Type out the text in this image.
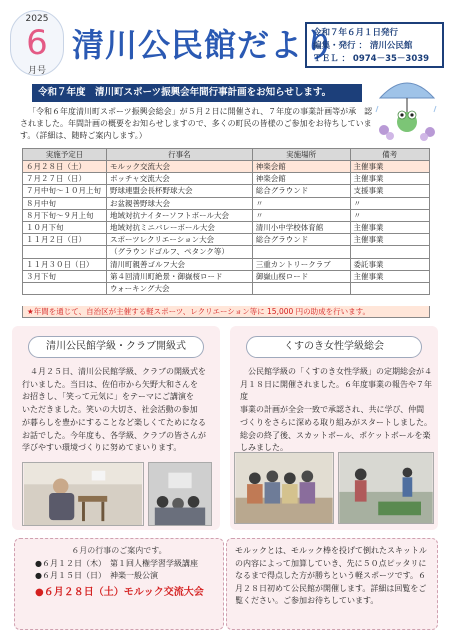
2025
6
月号
清川公民館だより
令和７年６月１日発行
編集・発行 ： 清川公民館
ＴＥＬ ： 0974－35－3039
令和７年度　清川町スポーツ振興会年間行事計画をお知らせします。

「令和６年度清川町スポーツ振興会総会」が５月２日に開催され、７年度の事業計画等が承　認

されました。年間計画の概要をお知らせしますので、多くの町民の皆様のご参加をお待ちしていま
す。（詳細は、随時ご案内します。）
実施予定日	行事名	実施場所	備考
６月２８日（土）	モルック交流大会	神楽会館	主催事業
７月２７日（日）	ボッチャ交流大会	神楽会館	主催事業
７月中旬～１０月上旬	野球連盟会長杯野球大会	総合グラウンド	支援事業
８月中旬	お盆親善野球大会	〃	〃
８月下旬～９月上旬	地域対抗ナイターソフトボール大会	〃	〃
１０月下旬	地域対抗ミニバレーボール大会	清川小中学校体育館	主催事業
１１月２日（日）	スポーツレクリエーション大会	総合グラウンド	主催事業
	（グラウンドゴルフ、ペタンク等）		
１１月３０日（日）	清川町親善ゴルフ大会	三重カントリークラブ	委託事業
３月下旬	第４回清川町絶景・御嶽桜ロード	御嶽山桜ロード	主催事業
	ウォーキング大会		
★年間を通じて、自治区が主催する軽スポーツ、レクリエーション等に 15,000 円の助成を行います。
清川公民館学級・クラブ開級式

４月２５日、清川公民館学級、クラブの開級式を

行いました。当日は、佐伯市から矢野大和さんを
お招きし、「笑って元気に」をテーマにご講演を
いただきました。笑いの大切さ、社会活動の参加
が暮らしを豊かにすることなど楽しくてためになる
お話でした。今年度も、各学級、クラブの皆さんが
学びやすい環境づくりに努めてまいります。
くすのき女性学級総会

公民館学級の「くすのき女性学級」の定期総会が４

月１８日に開催されました。６年度事業の報告や７年度
事業の計画が全会一致で承認され、共に学び、仲間
づくりをさらに深める取り組みがスタートしました。
総会の終了後、スカットボール、ポケットボールを楽
しみました。
６月の行事のご案内です。
●６月１２日（木）　第１回人権学習学級講座
●６月１５日（日）　神楽一般公演
●６月２８日（土）モルック交流大会
モルックとは、モルック棒を投げて倒れたスキットル
の内容によって加算していき、先に５０点ピッタリに
なるまで得点した方が勝ちという軽スポーツです。６
月２８日初めて公民館が開催します。詳細は回覧をご
覧ください。ご参加お待ちしています。
